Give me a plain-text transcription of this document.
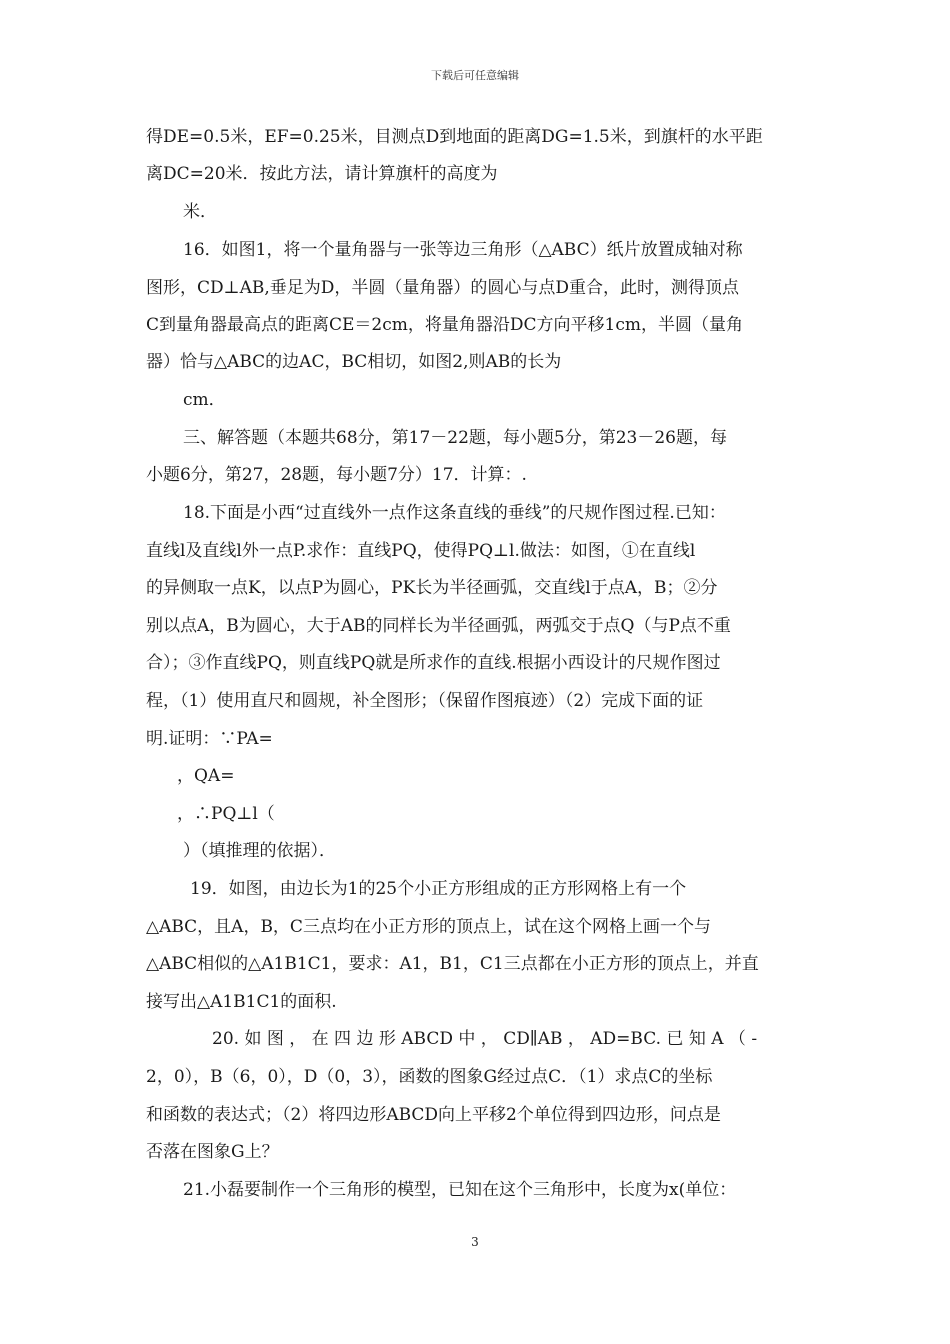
下载后可任意编辑
得DE=0.5米，EF=0.25米，目测点D到地面的距离DG=1.5米，到旗杆的水平距
离DC=20米．按此方法，请计算旗杆的高度为
米．
16．如图1，将一个量角器与一张等边三角形（△ABC）纸片放置成轴对称
图形，CD⊥AB,垂足为D，半圆（量角器）的圆心与点D重合，此时，测得顶点
C到量角器最高点的距离CE＝2cm，将量角器沿DC方向平移1cm，半圆（量角
器）恰与△ABC的边AC，BC相切，如图2,则AB的长为
cm．
三、解答题（本题共68分，第17－22题，每小题5分，第23－26题，每
小题6分，第27，28题，每小题7分）17．计算：.
18.下面是小西“过直线外一点作这条直线的垂线”的尺规作图过程.已知：
直线l及直线l外一点P.求作：直线PQ，使得PQ⊥l.做法：如图，①在直线l
的异侧取一点K，以点P为圆心，PK长为半径画弧，交直线l于点A，B；②分
别以点A，B为圆心，大于AB的同样长为半径画弧，两弧交于点Q（与P点不重
合）；③作直线PQ，则直线PQ就是所求作的直线.根据小西设计的尺规作图过
程，（1）使用直尺和圆规，补全图形；（保留作图痕迹）（2）完成下面的证
明.证明：∵PA=
，QA=
，∴PQ⊥l（
）（填推理的依据）．
19．如图，由边长为1的25个小正方形组成的正方形网格上有一个
△ABC，且A，B，C三点均在小正方形的顶点上，试在这个网格上画一个与
△ABC相似的△A1B1C1，要求：A1，B1，C1三点都在小正方形的顶点上，并直
接写出△A1B1C1的面积.
20. 如 图 ， 在 四 边 形 ABCD 中 ， CD∥AB ， AD=BC. 已 知 A （ -
2，0），B（6，0），D（0，3），函数的图象G经过点C．（1）求点C的坐标
和函数的表达式；（2）将四边形ABCD向上平移2个单位得到四边形，问点是
否落在图象G上？
21.小磊要制作一个三角形的模型，已知在这个三角形中，长度为x(单位：
3
